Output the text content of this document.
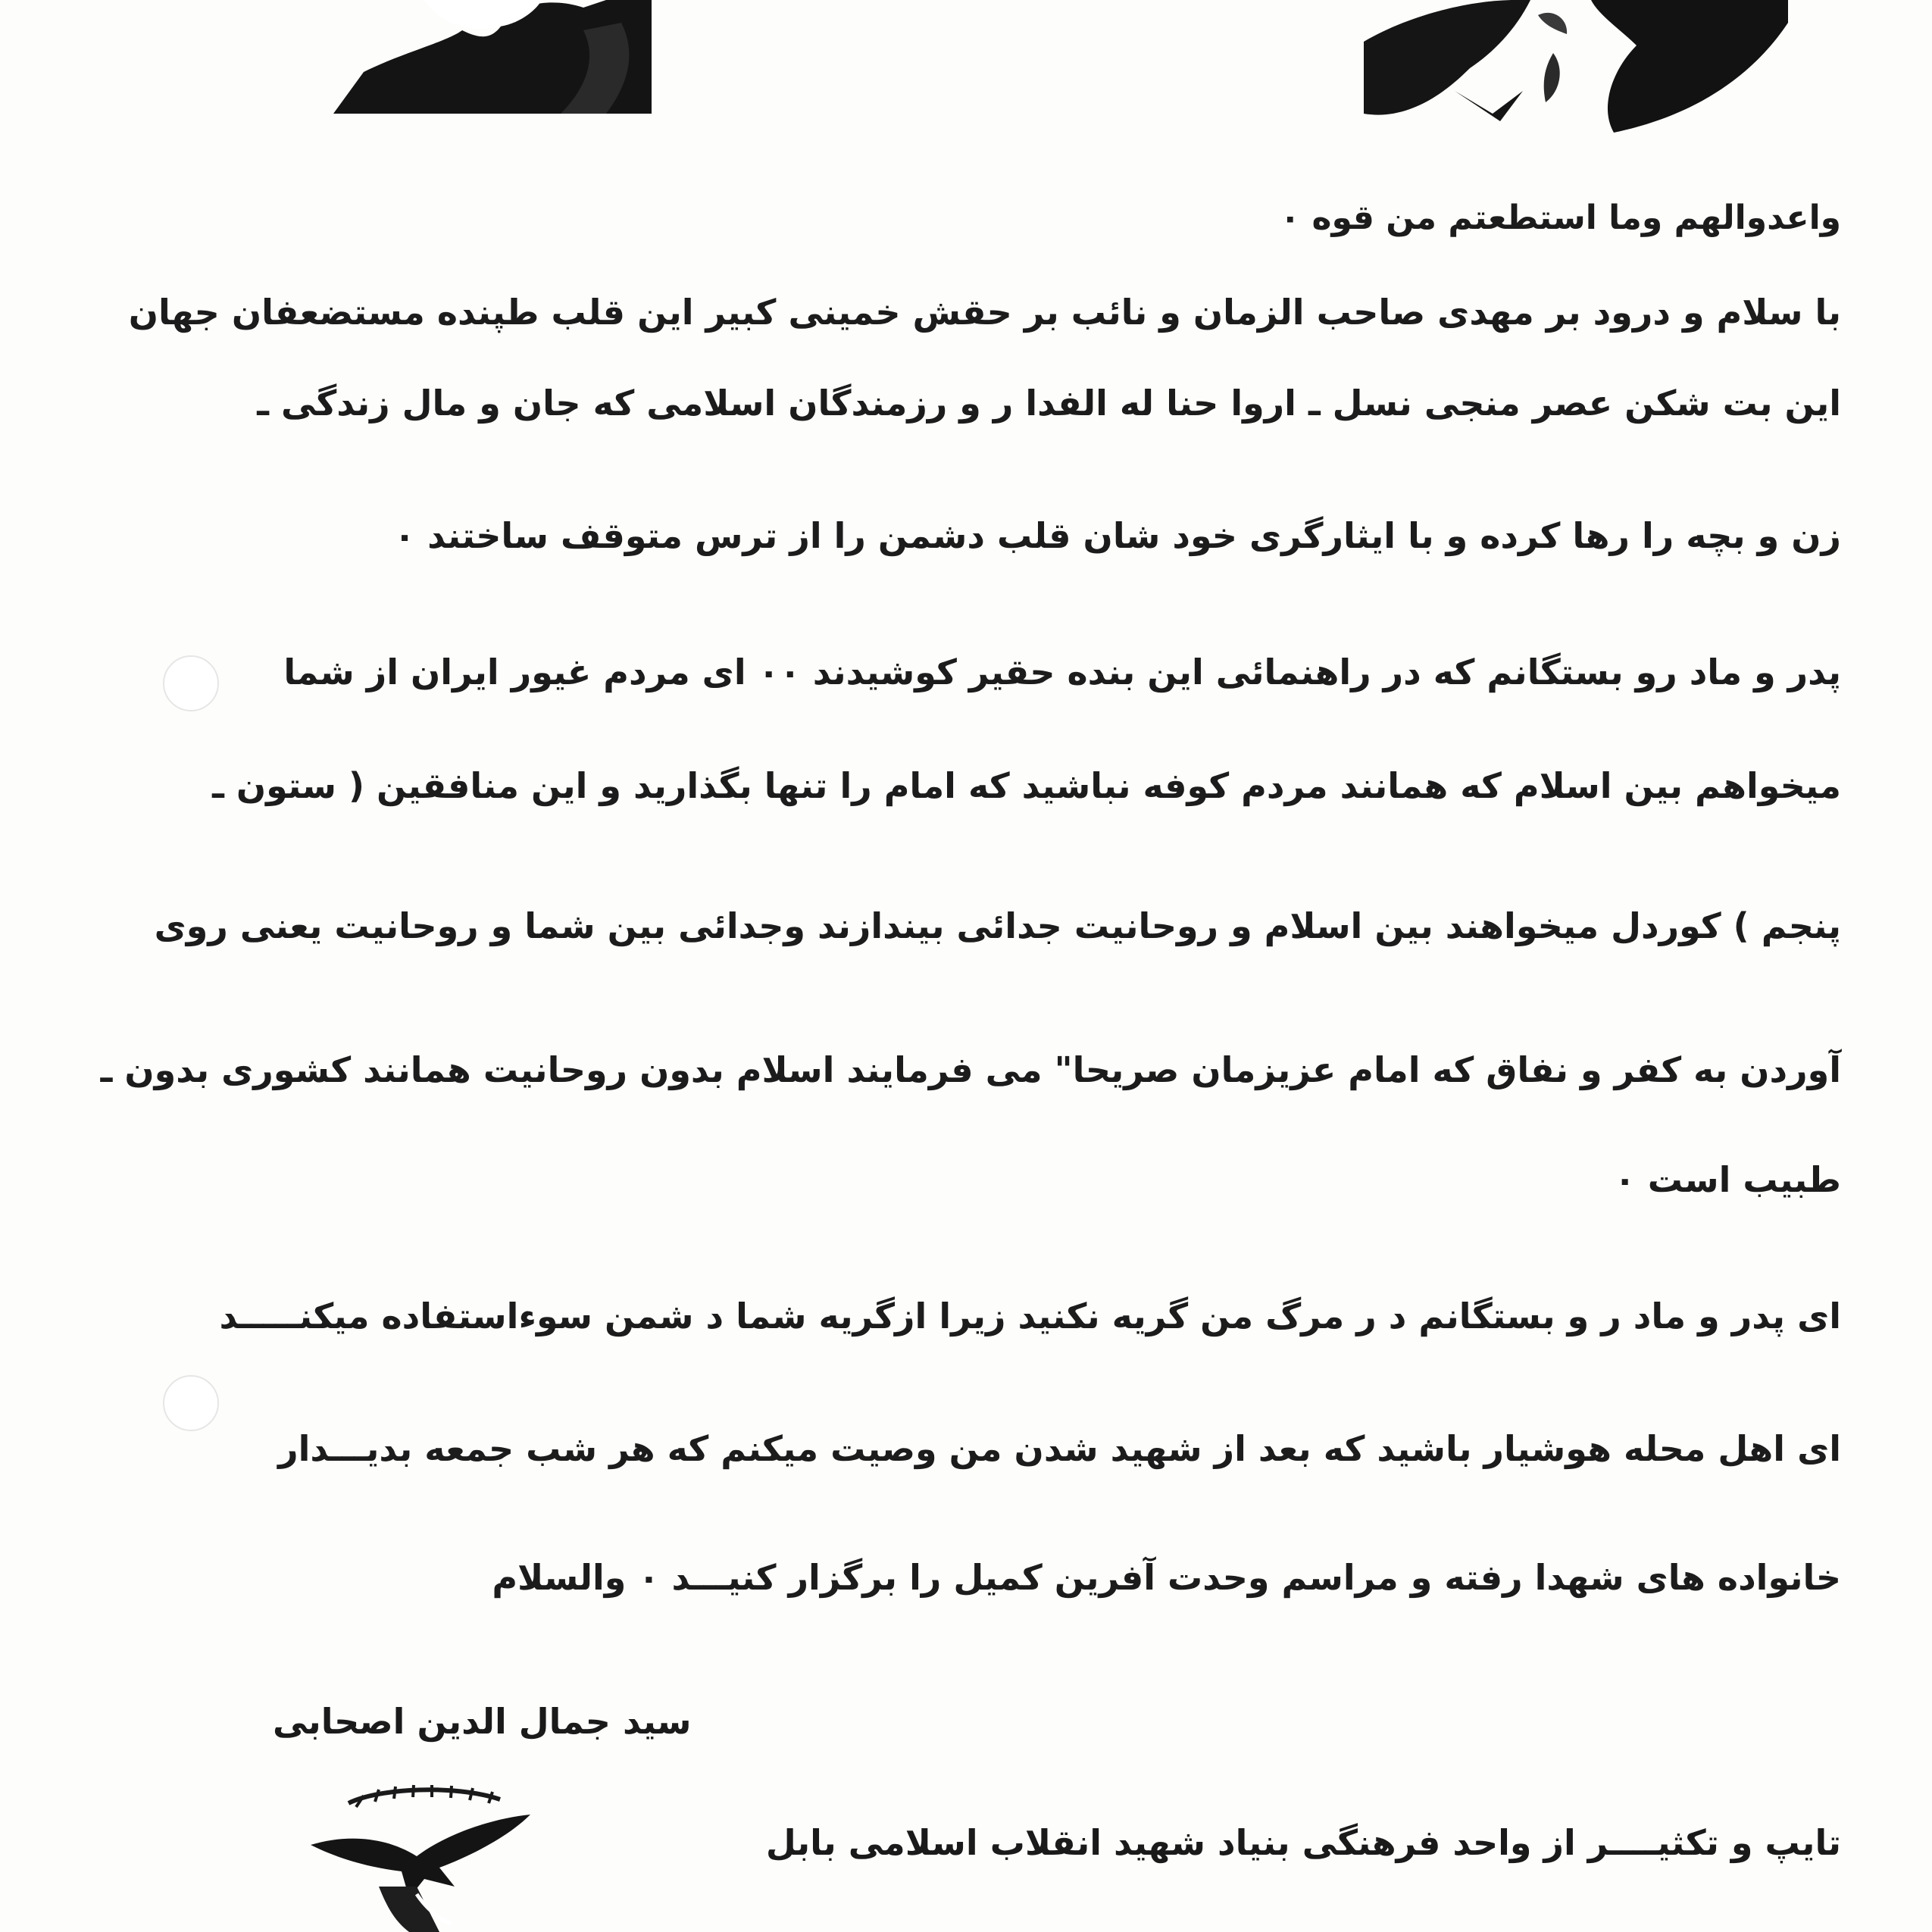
واعدوالهم وما استطعتم من قوه ٠
با سلام و درود بر مهدی صاحب الزمان و نائب بر حقش خمینی کبیر این قلب طپنده مستضعفان جهان
این بت شکن عصر منجی نسل ـ اروا حنا له الفدا ر و رزمندگان اسلامی که جان و مال زندگی ـ
زن و بچه را رها کرده و با ایثارگری خود شان قلب دشمن را از ترس متوقف ساختند ٠
پدر و ماد رو بستگانم که در راهنمائی این بنده حقیر کوشیدند ٠٠ ای مردم غیور ایران از شما
میخواهم بین اسلام که همانند مردم کوفه نباشید که امام را تنها بگذارید و این منافقین ( ستون ـ
پنجم ) کوردل میخواهند بین اسلام و روحانیت جدائی بیندازند وجدائی بین شما و روحانیت یعنی روی
آوردن به کفر و نفاق که امام عزیزمان صریحا" می فرمایند اسلام بدون روحانیت همانند کشوری بدون ـ
طبیب است ٠
ای پدر و ماد ر و بستگانم د ر مرگ من گریه نکنید زیرا ازگریه شما د شمن سوءاستفاده میکنـــــد
ای اهل محله هوشیار باشید که بعد از شهید شدن من وصیت میکنم که هر شب جمعه بدیـــدار
خانواده های شهدا رفته و مراسم وحدت آفرین کمیل را برگزار کنیـــد ٠ والسلام
سید جمال الدین اصحابی
تایپ و تکثیــــر از واحد فرهنگی بنیاد شهید انقلاب اسلامی بابل
